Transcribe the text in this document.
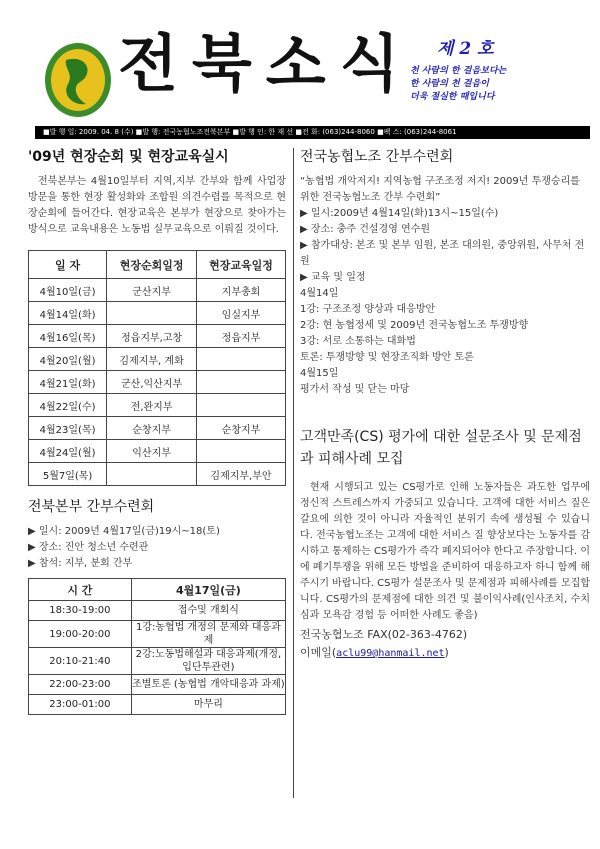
전북소식 제 2 호
천 사람의 한 걸음보다는
한 사람의 천 걸음이
더욱 절실한 때입니다
■발 행 일: 2009. 04. 8 (수) ■발 행: 전국농협노조전북본부 ■발 행 인: 한 재 선 ■전 화: (063)244-8060 ■팩 스: (063)244-8061
'09년 현장순회 및 현장교육실시

전북본부는 4월10일부터 지역,지부 간부와 함께 사업장 방문을 통한 현장 활성화와 조합원 의견수렴를 목적으로 현장순회에 들어간다. 현장교육은 본부가 현장으로 찾아가는 방식으로 교육내용은 노동법 실무교육으로 이뤄질 것이다.

일 자	현장순회일정	현장교육일정
4월10일(금)	군산지부	지부총회
4월14일(화)		임실지부
4월16일(목)	정읍지부,고창	정읍지부
4월20일(월)	김제지부, 계화	
4월21일(화)	군산,익산지부	
4월22일(수)	전,완지부	
4월23일(목)	순창지부	순창지부
4월24일(월)	익산지부	
5월7일(목)		김제지부,부안
전북본부 간부수련회
▶ 일시: 2009년 4월17일(금)19시~18(토)
▶ 장소: 진안 청소년 수련관
▶ 참석: 지부, 분회 간부
시 간	4월17일(금)
18:30-19:00	접수및 개회식
19:00-20:00	1강:농협법 개정의 문제와 대응과제
20:10-21:40	2강:노동법해설과 대응과제(개정,입단투관련)
22:00-23:00	조별토론 (농협법 개악대응과 과제)
23:00-01:00	마무리
전국농협노조 간부수련회
“농협법 개악저지! 지역농협 구조조정 저지! 2009년 투쟁승리를 위한 전국농협노조 간부 수련회”
▶ 일시:2009년 4월14일(화)13시~15일(수)
▶ 장소: 충주 건설경영 연수원
▶ 참가대상: 본조 및 본부 임원, 본조 대의원, 중앙위원, 사무처 전원
▶ 교육 및 일정
4월14일
1강: 구조조정 양상과 대응방안
2강: 현 농협정세 및 2009년 전국농협노조 투쟁방향
3강: 서로 소통하는 대화법
토론: 투쟁방향 및 현장조직화 방안 토론
4월15일
평가서 작성 및 닫는 마당
고객만족(CS) 평가에 대한 설문조사 및 문제점과 피해사례 모집

현재 시행되고 있는 CS평가로 인해 노동자들은 과도한 업무에 정신적 스트레스까지 가중되고 있습니다. 고객에 대한 서비스 질은 갈요에 의한 것이 아니라 자율적인 분위기 속에 생성될 수 있습니다. 전국농협노조는 고객에 대한 서비스 질 향상보다는 노동자를 감시하고 통제하는 CS평가가 즉각 폐지되어야 한다고 주장합니다. 이에 폐기투쟁을 위해 모든 방법을 준비하여 대응하고자 하니 함께 해주시기 바랍니다. CS평가 설문조사 및 문제점과 피해사례를 모집합니다. CS평가의 문제점에 대한 의견 및 불이익사례(인사조치, 수치심과 모욕감 경험 등 어떠한 사례도 좋음)

전국농협노조 FAX(02-363-4762)
이메일(aclu99@hanmail.net)
